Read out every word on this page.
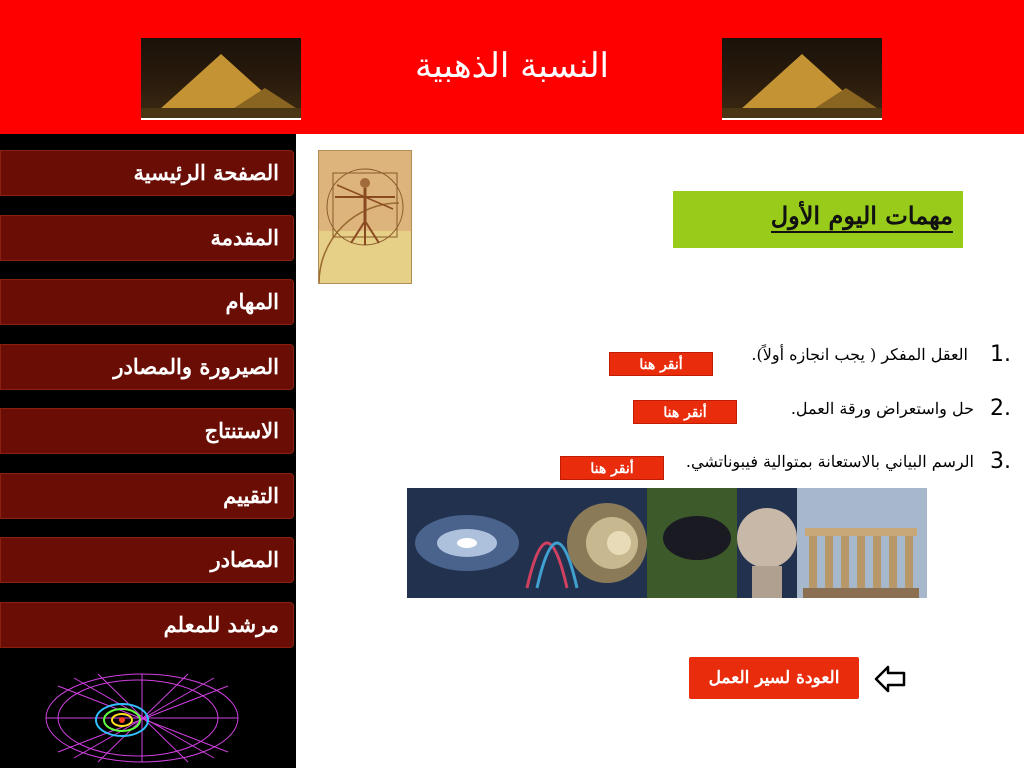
النسبة الذهبية
الصفحة الرئيسية
المقدمة
المهام
الصيرورة والمصادر
الاستنتاج
التقييم
المصادر
مرشد للمعلم
مهمات اليوم الأول
1.
العقل المفكر ( يجب انجازه أولاً).
أنقر هنا
2.
حل واستعراض ورقة العمل.
أنقر هنا
3.
الرسم البياني بالاستعانة بمتوالية فيبوناتشي.
أنقر هنا
العودة لسير العمل
